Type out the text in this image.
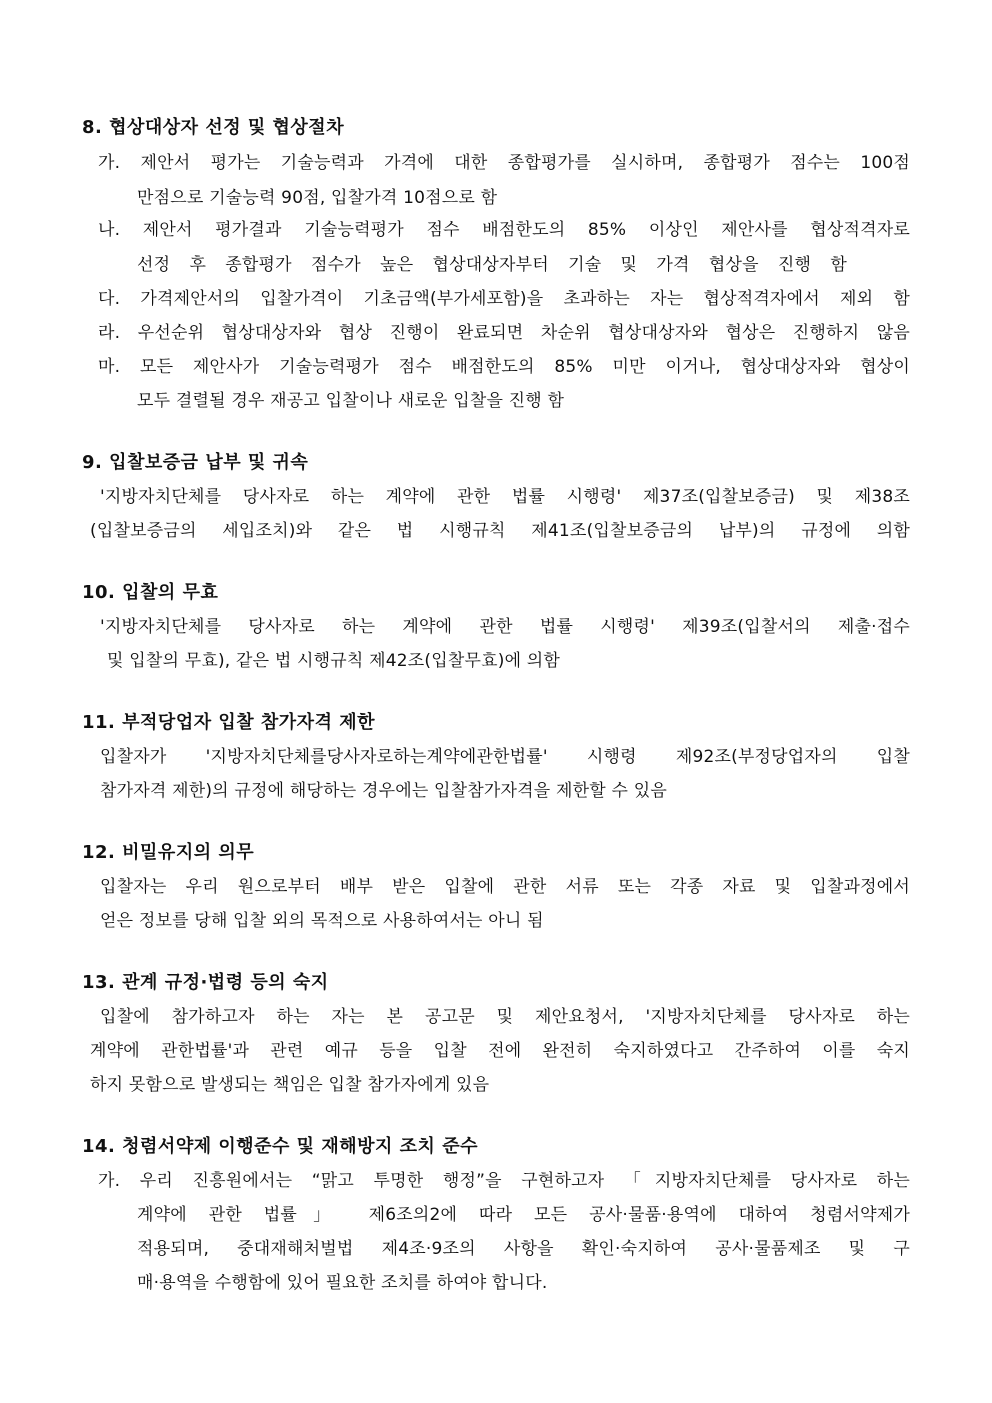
8. 협상대상자 선정 및 협상절차
가. 제안서 평가는 기술능력과 가격에 대한 종합평가를 실시하며, 종합평가 점수는 100점
만점으로 기술능력 90점, 입찰가격 10점으로 함
나. 제안서 평가결과 기술능력평가 점수 배점한도의 85% 이상인 제안사를 협상적격자로
선정 후 종합평가 점수가 높은 협상대상자부터 기술 및 가격 협상을 진행 함
다. 가격제안서의 입찰가격이 기초금액(부가세포함)을 초과하는 자는 협상적격자에서 제외 함
라. 우선순위 협상대상자와 협상 진행이 완료되면 차순위 협상대상자와 협상은 진행하지 않음
마. 모든 제안사가 기술능력평가 점수 배점한도의 85% 미만 이거나, 협상대상자와 협상이
모두 결렬될 경우 재공고 입찰이나 새로운 입찰을 진행 함
9. 입찰보증금 납부 및 귀속
'지방자치단체를 당사자로 하는 계약에 관한 법률 시행령' 제37조(입찰보증금) 및 제38조
(입찰보증금의 세입조치)와 같은 법 시행규칙 제41조(입찰보증금의 납부)의 규정에 의함
10. 입찰의 무효
'지방자치단체를 당사자로 하는 계약에 관한 법률 시행령' 제39조(입찰서의 제출·접수
및 입찰의 무효), 같은 법 시행규칙 제42조(입찰무효)에 의함
11. 부적당업자 입찰 참가자격 제한
입찰자가 '지방자치단체를당사자로하는계약에관한법률' 시행령 제92조(부정당업자의 입찰
참가자격 제한)의 규정에 해당하는 경우에는 입찰참가자격을 제한할 수 있음
12. 비밀유지의 의무
입찰자는 우리 원으로부터 배부 받은 입찰에 관한 서류 또는 각종 자료 및 입찰과정에서
얻은 정보를 당해 입찰 외의 목적으로 사용하여서는 아니 됨
13. 관계 규정·법령 등의 숙지
입찰에 참가하고자 하는 자는 본 공고문 및 제안요청서, '지방자치단체를 당사자로 하는
계약에 관한법률'과 관련 예규 등을 입찰 전에 완전히 숙지하였다고 간주하여 이를 숙지
하지 못함으로 발생되는 책임은 입찰 참가자에게 있음
14. 청렴서약제 이행준수 및 재해방지 조치 준수
가. 우리 진흥원에서는 “맑고 투명한 행정”을 구현하고자 「지방자치단체를 당사자로 하는
계약에 관한 법률」 제6조의2에 따라 모든 공사·물품·용역에 대하여 청렴서약제가
적용되며, 중대재해처벌법 제4조·9조의 사항을 확인·숙지하여 공사·물품제조 및 구
매·용역을 수행함에 있어 필요한 조치를 하여야 합니다.
